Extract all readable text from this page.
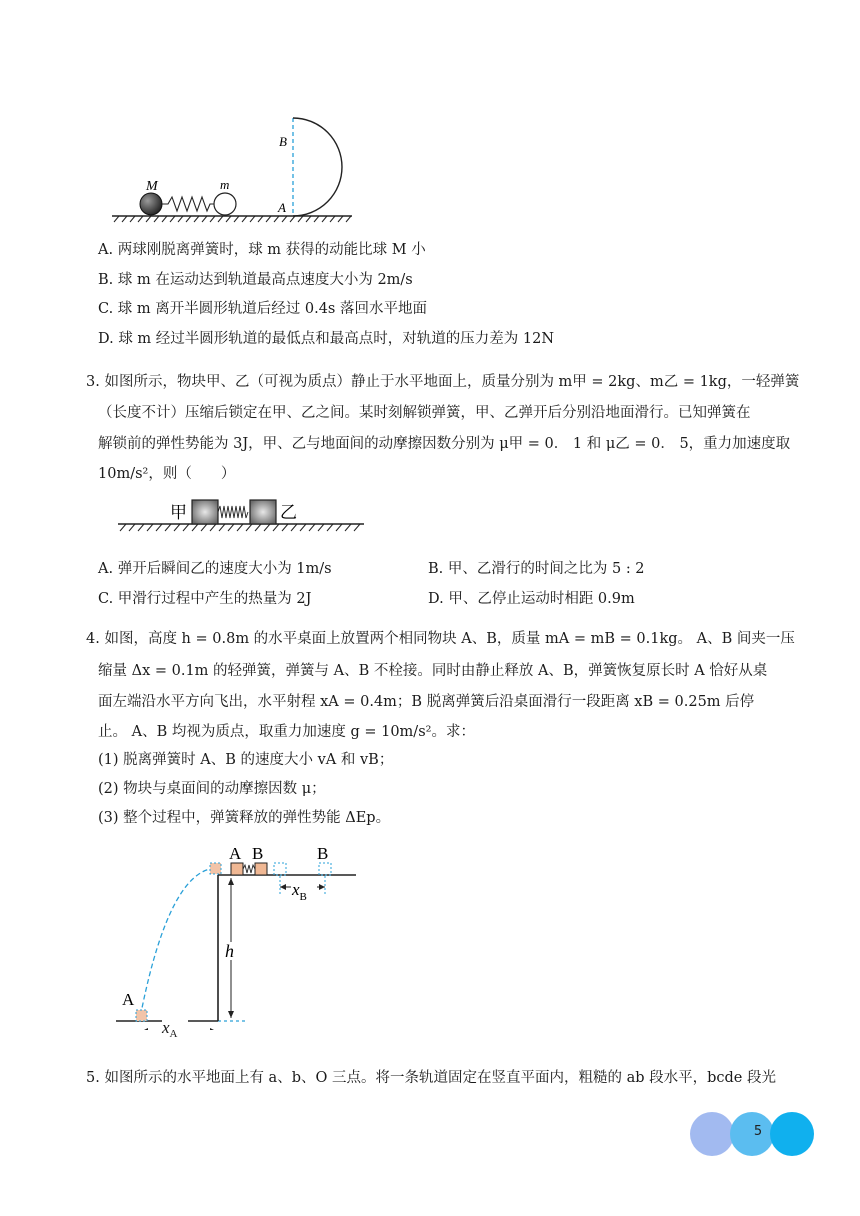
M	m
B
A
A. 两球刚脱离弹簧时，球 m 获得的动能比球 M 小
B. 球 m 在运动达到轨道最高点速度大小为 2m/s
C. 球 m 离开半圆形轨道后经过 0.4s 落回水平地面
D. 球 m 经过半圆形轨道的最低点和最高点时，对轨道的压力差为 12N
3. 如图所示，物块甲、乙（可视为质点）静止于水平地面上，质量分别为 m甲 = 2kg、m乙 = 1kg，一轻弹簧
（长度不计）压缩后锁定在甲、乙之间。某时刻解锁弹簧，甲、乙弹开后分别沿地面滑行。已知弹簧在
解锁前的弹性势能为 3J，甲、乙与地面间的动摩擦因数分别为 μ甲 = 0． 1 和 μ乙 = 0． 5，重力加速度取
10m/s²，则（　　）
甲	乙
A. 弹开后瞬间乙的速度大小为 1m/s	B. 甲、乙滑行的时间之比为 5 : 2
C. 甲滑行过程中产生的热量为 2J	D. 甲、乙停止运动时相距 0.9m
4. 如图，高度 h = 0.8m 的水平桌面上放置两个相同物块 A、B，质量 mA = mB = 0.1kg。 A、B 间夹一压
缩量 Δx = 0.1m 的轻弹簧，弹簧与 A、B 不栓接。同时由静止释放 A、B，弹簧恢复原长时 A 恰好从桌
面左端沿水平方向飞出，水平射程 xA = 0.4m；B 脱离弹簧后沿桌面滑行一段距离 xB = 0.25m 后停
止。 A、B 均视为质点，取重力加速度 g = 10m/s²。求：
(1) 脱离弹簧时 A、B 的速度大小 vA 和 vB；
(2) 物块与桌面间的动摩擦因数 μ；
(3) 整个过程中，弹簧释放的弹性势能 ΔEp。
A B	B
$x_B$
h
A
$x_A$
5. 如图所示的水平地面上有 a、b、O 三点。将一条轨道固定在竖直平面内，粗糙的 ab 段水平，bcde 段光
5
